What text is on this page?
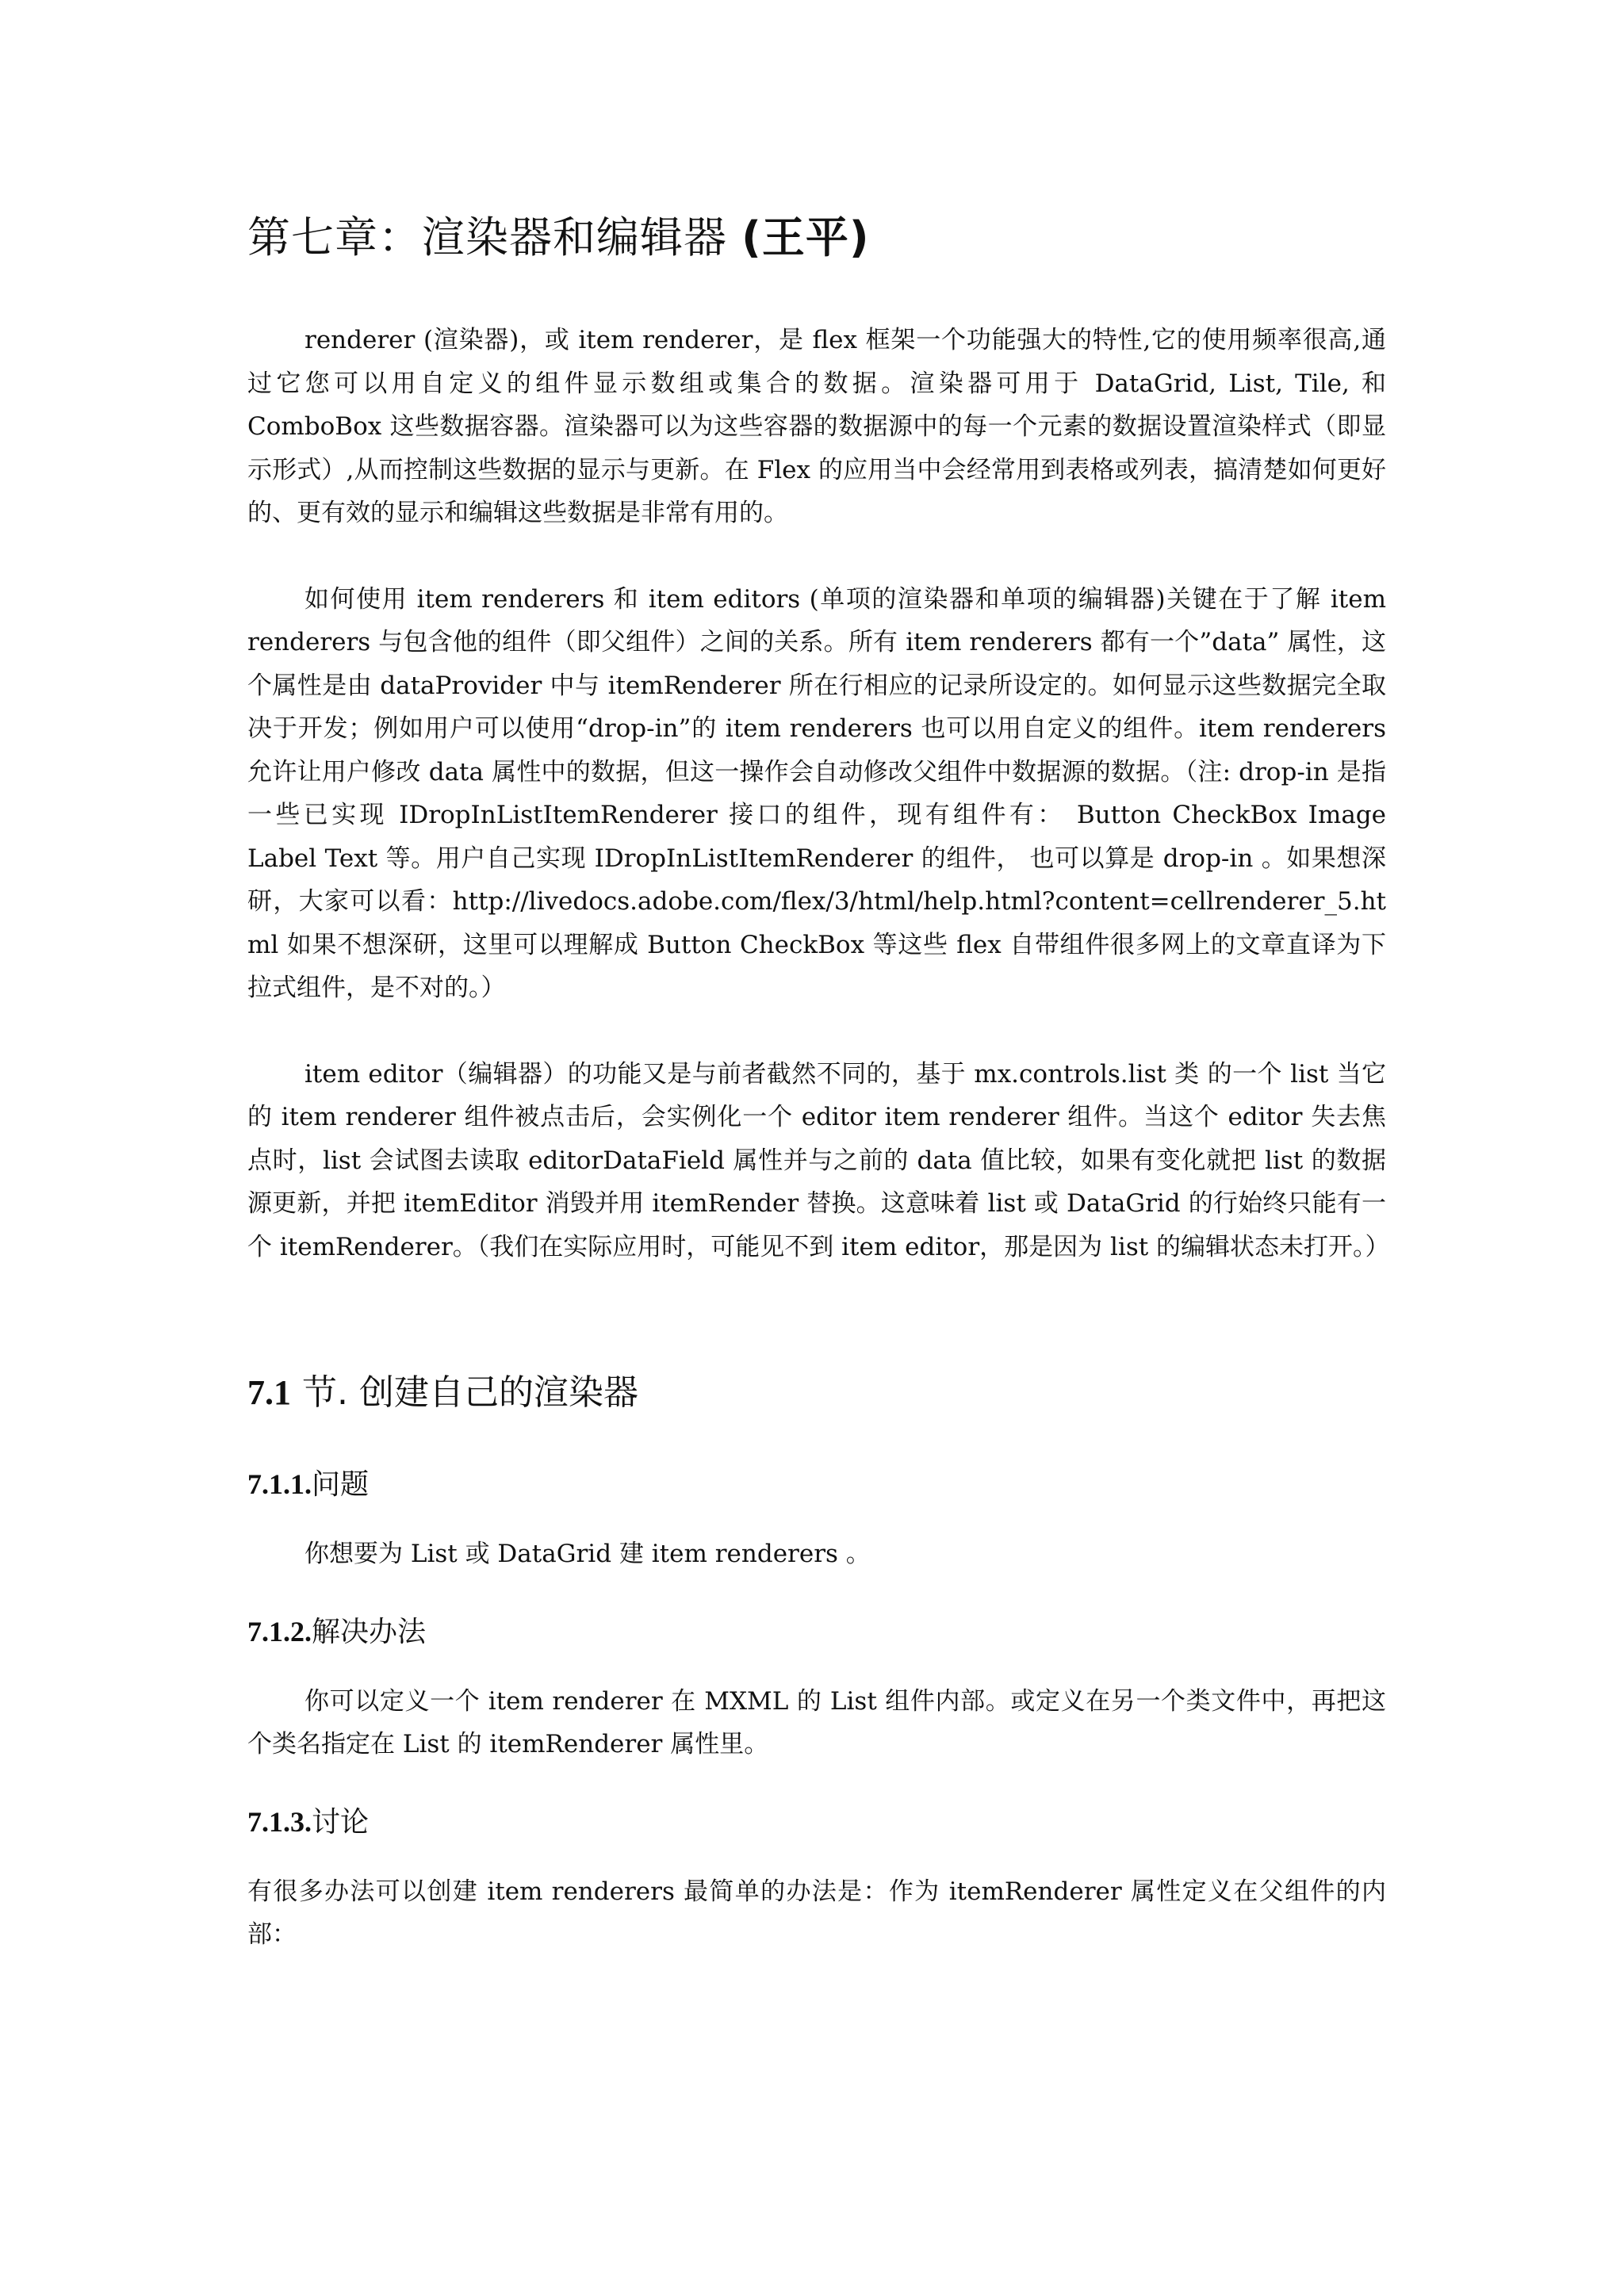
第七章：渲染器和编辑器 (王平)

renderer (渲染器)，或 item renderer，是 flex 框架一个功能强大的特性,它的使用频率很高,通过它您可以用自定义的组件显示数组或集合的数据。渲染器可用于 DataGrid, List, Tile, 和 ComboBox 这些数据容器。渲染器可以为这些容器的数据源中的每一个元素的数据设置渲染样式（即显示形式）,从而控制这些数据的显示与更新。在 Flex 的应用当中会经常用到表格或列表，搞清楚如何更好的、更有效的显示和编辑这些数据是非常有用的。

如何使用 item renderers 和 item editors (单项的渲染器和单项的编辑器)关键在于了解 item renderers 与包含他的组件（即父组件）之间的关系。所有 item renderers 都有一个”data” 属性，这个属性是由 dataProvider 中与 itemRenderer 所在行相应的记录所设定的。如何显示这些数据完全取决于开发；例如用户可以使用“drop-in”的 item renderers 也可以用自定义的组件。item renderers 允许让用户修改 data 属性中的数据，但这一操作会自动修改父组件中数据源的数据。（注: drop-in 是指一些已实现 IDropInListItemRenderer 接口的组件，现有组件有： Button CheckBox Image Label Text 等。用户自己实现 IDropInListItemRenderer 的组件， 也可以算是 drop-in 。如果想深研，大家可以看：http://livedocs.adobe.com/flex/3/html/help.html?content=cellrenderer_5.html 如果不想深研，这里可以理解成 Button CheckBox 等这些 flex 自带组件很多网上的文章直译为下拉式组件，是不对的。）

item editor（编辑器）的功能又是与前者截然不同的，基于 mx.controls.list 类 的一个 list 当它的 item renderer 组件被点击后，会实例化一个 editor item renderer 组件。当这个 editor 失去焦点时，list 会试图去读取 editorDataField 属性并与之前的 data 值比较，如果有变化就把 list 的数据源更新，并把 itemEditor 消毁并用 itemRender 替换。这意味着 list 或 DataGrid 的行始终只能有一个 itemRenderer。（我们在实际应用时，可能见不到 item editor，那是因为 list 的编辑状态未打开。）

7.1 节. 创建自己的渲染器
7.1.1.问题

你想要为 List 或 DataGrid 建 item renderers 。

7.1.2.解决办法

你可以定义一个 item renderer 在 MXML 的 List 组件内部。或定义在另一个类文件中，再把这个类名指定在 List 的 itemRenderer 属性里。

7.1.3.讨论

有很多办法可以创建 item renderers 最简单的办法是：作为 itemRenderer 属性定义在父组件的内部：
